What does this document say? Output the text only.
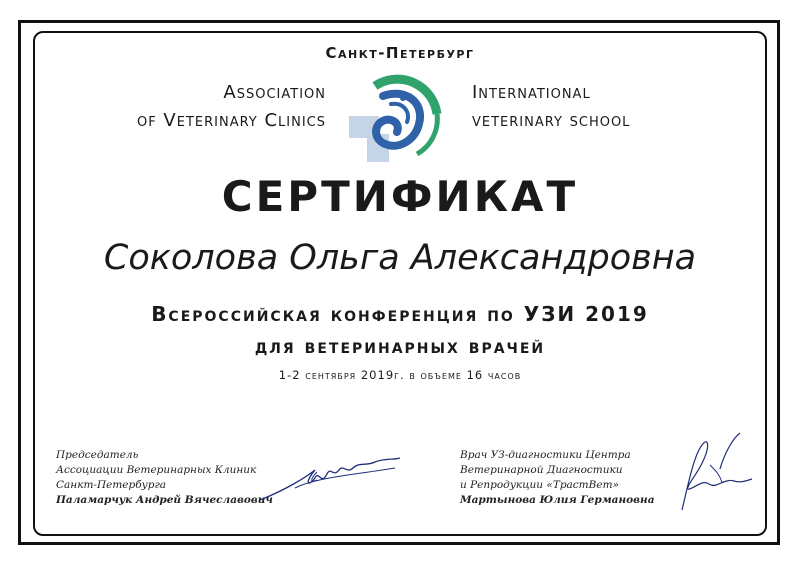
Санкт-Петербург
Association
of Veterinary Clinics
International
veterinary school
СЕРТИФИКАТ
Соколова Ольга Александровна
Всероссийская конференция по УЗИ 2019
для ветеринарных врачей
1-2 сентября 2019г. в объеме 16 часов
Председатель
Ассоциации Ветеринарных Клиник
Санкт-Петербурга
Паламарчук Андрей Вячеславович
Врач УЗ-диагностики Центра
Ветеринарной Диагностики
и Репродукции «ТрастВет»
Мартынова Юлия Германовна
